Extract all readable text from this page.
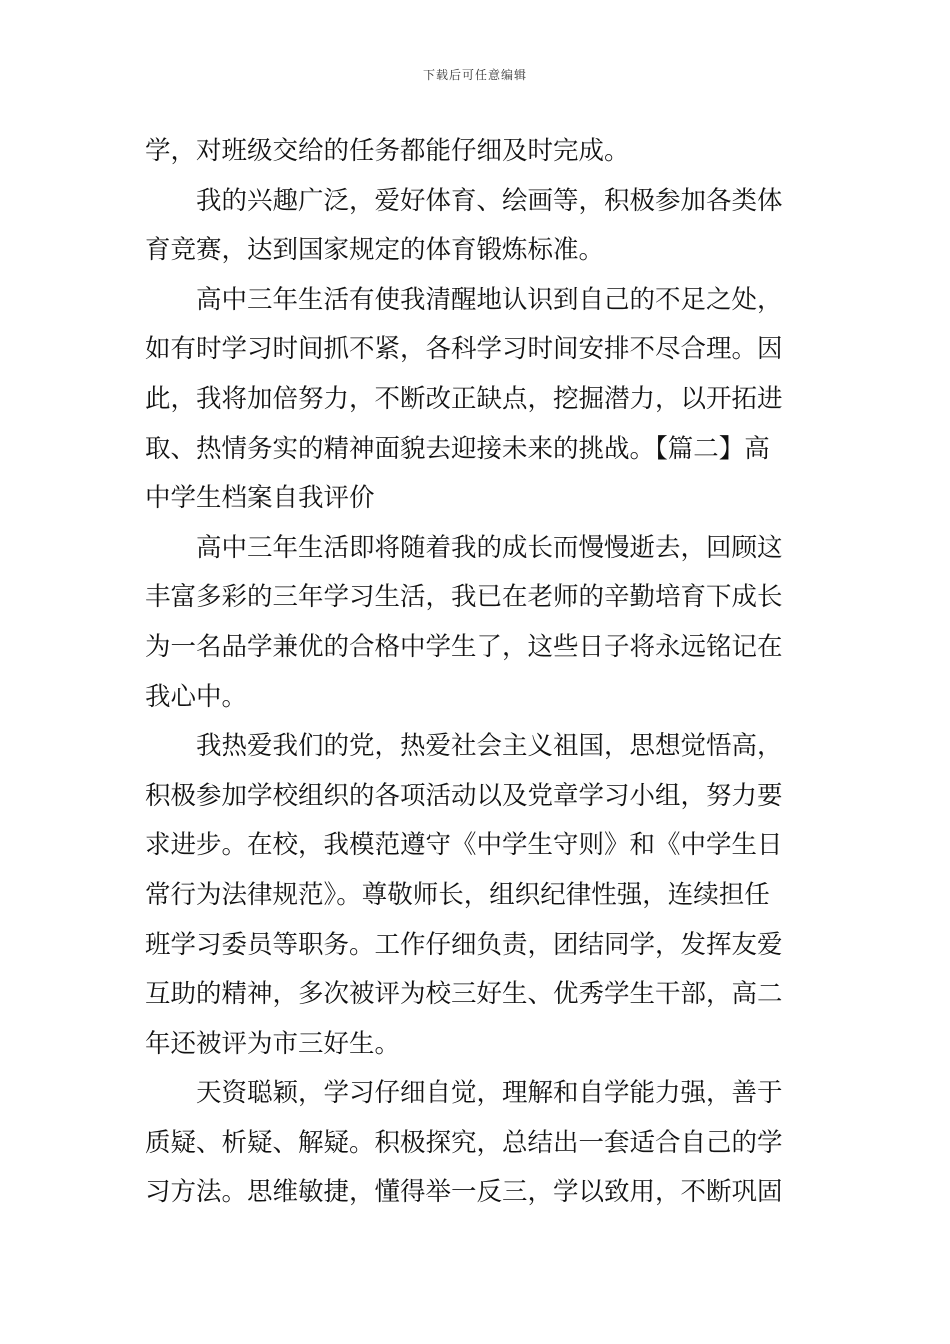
下载后可任意编辑
学，对班级交给的任务都能仔细及时完成。
我的兴趣广泛，爱好体育、绘画等，积极参加各类体
育竞赛，达到国家规定的体育锻炼标准。
高中三年生活有使我清醒地认识到自己的不足之处，
如有时学习时间抓不紧，各科学习时间安排不尽合理。因
此，我将加倍努力，不断改正缺点，挖掘潜力，以开拓进
取、热情务实的精神面貌去迎接未来的挑战。【篇二】高
中学生档案自我评价
高中三年生活即将随着我的成长而慢慢逝去，回顾这
丰富多彩的三年学习生活，我已在老师的辛勤培育下成长
为一名品学兼优的合格中学生了，这些日子将永远铭记在
我心中。
我热爱我们的党，热爱社会主义祖国，思想觉悟高，
积极参加学校组织的各项活动以及党章学习小组，努力要
求进步。在校，我模范遵守《中学生守则》和《中学生日
常行为法律规范》。尊敬师长，组织纪律性强，连续担任
班学习委员等职务。工作仔细负责，团结同学，发挥友爱
互助的精神，多次被评为校三好生、优秀学生干部，高二
年还被评为市三好生。
天资聪颖，学习仔细自觉，理解和自学能力强，善于
质疑、析疑、解疑。积极探究，总结出一套适合自己的学
习方法。思维敏捷，懂得举一反三，学以致用，不断巩固
